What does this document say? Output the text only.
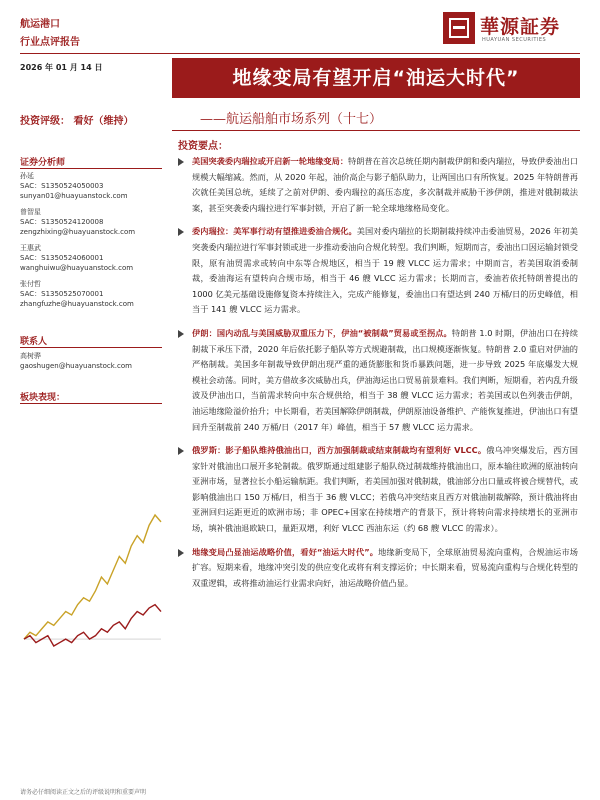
航运港口
行业点评报告
華源証券
HUAYUAN SECURITIES
2026 年 01 月 14 日	地缘变局有望开启“油运大时代”
投资评级： 看好（维持）	——航运船舶市场系列（十七）
投资要点：
证券分析师
孙延
SAC：S1350524050003
sunyan01@huayuanstock.com
曾智星
SAC：S1350524120008
zengzhixing@huayuanstock.com
王惠武
SAC：S1350524060001
wanghuiwu@huayuanstock.com
张付哲
SAC：S1350525070001
zhangfuzhe@huayuanstock.com
联系人
高树骅
gaoshugen@huayuanstock.com
板块表现：
美国突袭委内瑞拉或开启新一轮地缘变局：特朗普在首次总统任期内制裁伊朗和委内瑞拉，导致伊委油出口规模大幅缩减。然而，从 2020 年起，油价高企与影子船队助力，让两国出口有所恢复。2025 年特朗普再次就任美国总统，延续了之前对伊朗、委内瑞拉的高压态度，多次制裁并威胁干涉伊朗，推进对俄制裁法案，甚至突袭委内瑞拉进行军事封锁，开启了新一轮全球地缘格局变化。
委内瑞拉：美军事行动有望推进委油合规化。美国对委内瑞拉的长期制裁持续冲击委油贸易，2026 年初美突袭委内瑞拉进行军事封锁或进一步推动委油向合规化转型。我们判断，短期而言，委油出口因运输封锁受限，原有油贸需求或转向中东等合规地区，相当于 19 艘 VLCC 运力需求；中期而言，若美国取消委制裁，委油海运有望转向合规市场，相当于 46 艘 VLCC 运力需求；长期而言，委油若依托特朗普提出的 1000 亿美元基础设施修复资本持续注入，完成产能修复，委油出口有望达到 240 万桶/日的历史峰值，相当于 141 艘 VLCC 运力需求。
伊朗：国内动乱与美国威胁双重压力下，伊油“被制裁”贸易或至拐点。特朗普 1.0 时期，伊油出口在持续制裁下承压下滑，2020 年后依托影子船队等方式规避制裁，出口规模逐渐恢复。特朗普 2.0 重启对伊油的严格制裁。美国多年制裁导致伊朗出现严重的通货膨胀和货币暴跌问题，进一步导致 2025 年底爆发大规模社会动荡。同时，美方借故多次威胁出兵，伊油海运出口贸易前景难料。我们判断，短期看，若内乱升级波及伊油出口，当前需求转向中东合规供给，相当于 38 艘 VLCC 运力需求；若美国或以色列袭击伊朗，油运地缘险溢价抬升；中长期看，若美国解除伊朗制裁，伊朗原油设备维护、产能恢复推进，伊油出口有望回升至制裁前 240 万桶/日（2017 年）峰值，相当于 57 艘 VLCC 运力需求。
俄罗斯：影子船队维持俄油出口，西方加强制裁或结束制裁均有望利好 VLCC。俄乌冲突爆发后，西方国家针对俄油出口展开多轮制裁。俄罗斯通过组建影子船队绕过制裁维持俄油出口，原本输往欧洲的原油转向亚洲市场，显著拉长小船运输航距。我们判断，若美国加强对俄制裁，俄油部分出口量或将被合规替代，或影响俄油出口 150 万桶/日，相当于 36 艘 VLCC；若俄乌冲突结束且西方对俄油制裁解除，预计俄油将由亚洲回归运距更近的欧洲市场；非 OPEC+国家在持续增产的背景下，预计将转向需求持续增长的亚洲市场，填补俄油退欧缺口，量距双增，利好 VLCC 西油东运（约 68 艘 VLCC 的需求）。
地缘变局凸显油运战略价值，看好“油运大时代”。地缘新变局下，全球原油贸易流向重构，合规油运市场扩容。短期来看，地缘冲突引发的供应变化或将有利支撑运价；中长期来看，贸易流向重构与合规化转型的双重逻辑，或将推动油运行业需求向好，油运战略价值凸显。
请务必仔细阅读正文之后的评级说明和重要声明
